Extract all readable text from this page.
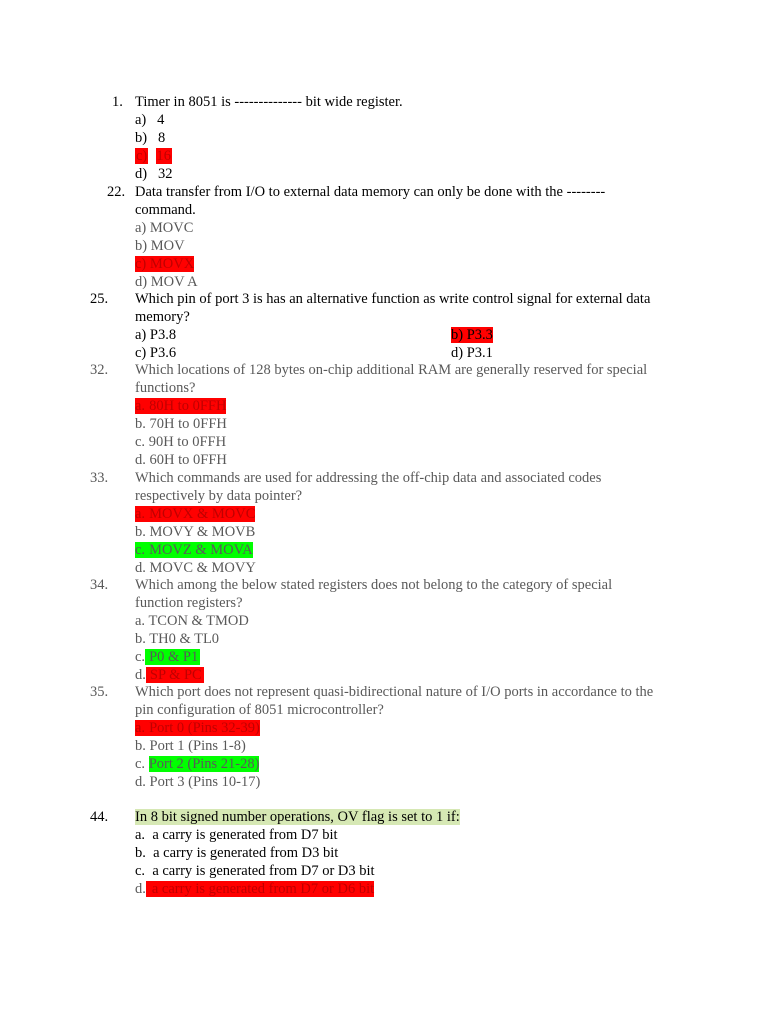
1. Timer in 8051 is -------------- bit wide register.
a) 4
b) 8
c) 16
d) 32
22. Data transfer from I/O to external data memory can only be done with the --------
command.
a) MOVC
b) MOV
c) MOVX
d) MOV A
25. Which pin of port 3 is has an alternative function as write control signal for external data
memory?
a) P3.8	b) P3.3
c) P3.6	d) P3.1
32. Which locations of 128 bytes on-chip additional RAM are generally reserved for special
functions?
a. 80H to 0FFH
b. 70H to 0FFH
c. 90H to 0FFH
d. 60H to 0FFH
33. Which commands are used for addressing the off-chip data and associated codes
respectively by data pointer?
a. MOVX & MOVC
b. MOVY & MOVB
c. MOVZ & MOVA
d. MOVC & MOVY
34. Which among the below stated registers does not belong to the category of special
function registers?
a. TCON & TMOD
b. TH0 & TL0
c. P0 & P1
d. SP & PC
35. Which port does not represent quasi-bidirectional nature of I/O ports in accordance to the
pin configuration of 8051 microcontroller?
a. Port 0 (Pins 32-39)
b. Port 1 (Pins 1-8)
c. Port 2 (Pins 21-28)
d. Port 3 (Pins 10-17)
44. In 8 bit signed number operations, OV flag is set to 1 if:
a. a carry is generated from D7 bit
b. a carry is generated from D3 bit
c. a carry is generated from D7 or D3 bit
d. a carry is generated from D7 or D6 bit
